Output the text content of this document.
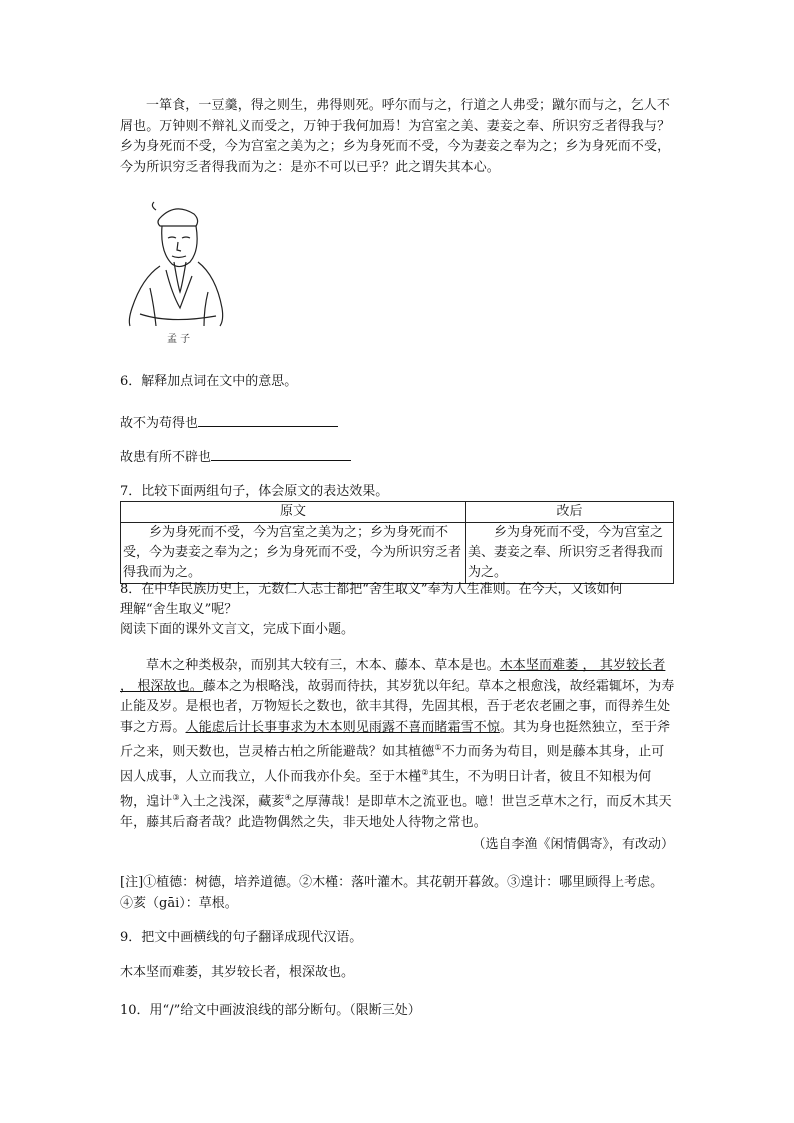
一箪食，一豆羹，得之则生，弗得则死。呼尔而与之，行道之人弗受；蹴尔而与之，乞人不屑也。万钟则不辩礼义而受之，万钟于我何加焉！为宫室之美、妻妾之奉、所识穷乏者得我与？乡为身死而不受，今为宫室之美为之；乡为身死而不受，今为妻妾之奉为之；乡为身死而不受，今为所识穷乏者得我而为之：是亦不可以已乎？此之谓失其本心。
孟 子
6．解释加点词在文中的意思。
故不为苟得也
故患有所不辟也
7．比较下面两组句子，体会原文的表达效果。
原文	改后
乡为身死而不受，今为宫室之美为之；乡为身死而不受，今为妻妾之奉为之；乡为身死而不受，今为所识穷乏者得我而为之。	乡为身死而不受，今为宫室之美、妻妾之奉、所识穷乏者得我而为之。
8．在中华民族历史上，无数仁人志士都把“舍生取义”奉为人生准则。在今天，又该如何
理解“舍生取义”呢？
阅读下面的课外文言文，完成下面小题。
草木之种类极杂，而别其大较有三，木本、藤本、草本是也。木本坚而难萎 ， 其岁较长者 ， 根深故也。藤本之为根略浅，故弱而待扶，其岁犹以年纪。草本之根愈浅，故经霜辄坏，为寿止能及岁。是根也者，万物短长之数也，欲丰其得，先固其根，吾于老农老圃之事，而得养生处事之方焉。人能虑后计长事事求为木本则见雨露不喜而睹霜雪不惊。其为身也挺然独立，至于斧斤之来，则天数也，岂灵椿古柏之所能避哉？如其植德①不力而务为苟目，则是藤本其身，止可因人成事，人立而我立，人仆而我亦仆矣。至于木槿②其生，不为明日计者，彼且不知根为何物，遑计③入土之浅深，藏荄④之厚薄哉！是即草木之流亚也。噫！世岂乏草木之行，而反木其天年，藤其后裔者哉？此造物偶然之失，非天地处人待物之常也。
（选自李渔《闲情偶寄》，有改动）
[注]①植德：树德，培养道德。②木槿：落叶灌木。其花朝开暮敛。③遑计：哪里顾得上考虑。④荄（gāi）：草根。
9．把文中画横线的句子翻译成现代汉语。
木本坚而难萎，其岁较长者，根深故也。
10．用“/”给文中画波浪线的部分断句。（限断三处）
